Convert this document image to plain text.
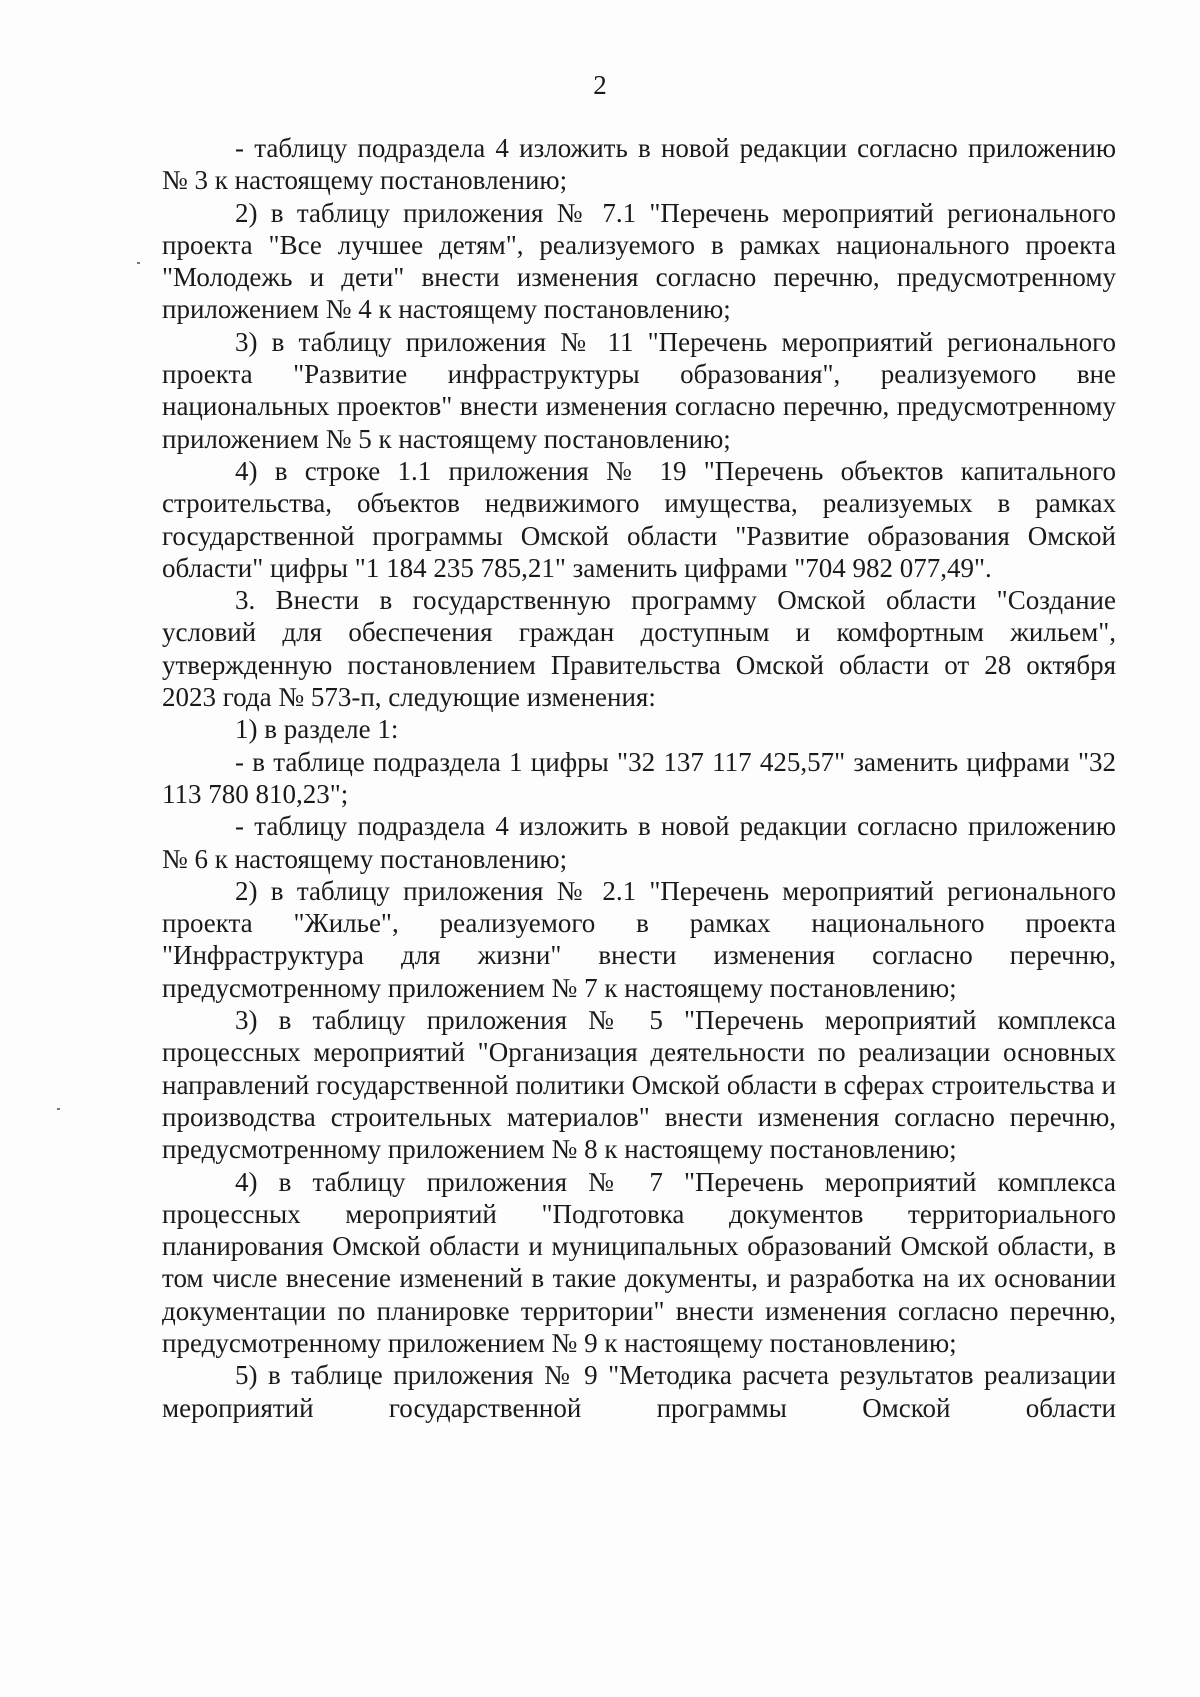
2

- таблицу подраздела 4 изложить в новой редакции согласно приложению № 3 к настоящему постановлению;

2) в таблицу приложения № 7.1 "Перечень мероприятий регионального проекта "Все лучшее детям", реализуемого в рамках национального проекта "Молодежь и дети" внести изменения согласно перечню, предусмотренному приложением № 4 к настоящему постановлению;

3) в таблицу приложения № 11 "Перечень мероприятий регионального проекта "Развитие инфраструктуры образования", реализуемого вне национальных проектов" внести изменения согласно перечню, предусмотренному приложением № 5 к настоящему постановлению;

4) в строке 1.1 приложения № 19 "Перечень объектов капитального строительства, объектов недвижимого имущества, реализуемых в рамках государственной программы Омской области "Развитие образования Омской области" цифры "1 184 235 785,21" заменить цифрами "704 982 077,49".

3. Внести в государственную программу Омской области "Создание условий для обеспечения граждан доступным и комфортным жильем", утвержденную постановлением Правительства Омской области от 28 октября 2023 года № 573-п, следующие изменения:

1) в разделе 1:

- в таблице подраздела 1 цифры "32 137 117 425,57" заменить цифрами "32 113 780 810,23";

- таблицу подраздела 4 изложить в новой редакции согласно приложению № 6 к настоящему постановлению;

2) в таблицу приложения № 2.1 "Перечень мероприятий регионального проекта "Жилье", реализуемого в рамках национального проекта "Инфраструктура для жизни" внести изменения согласно перечню, предусмотренному приложением № 7 к настоящему постановлению;

3) в таблицу приложения № 5 "Перечень мероприятий комплекса процессных мероприятий "Организация деятельности по реализации основных направлений государственной политики Омской области в сферах строительства и производства строительных материалов" внести изменения согласно перечню, предусмотренному приложением № 8 к настоящему постановлению;

4) в таблицу приложения № 7 "Перечень мероприятий комплекса процессных мероприятий "Подготовка документов территориального планирования Омской области и муниципальных образований Омской области, в том числе внесение изменений в такие документы, и разработка на их основании документации по планировке территории" внести изменения согласно перечню, предусмотренному приложением № 9 к настоящему постановлению;

5) в таблице приложения № 9 "Методика расчета результатов реализации мероприятий государственной программы Омской области
